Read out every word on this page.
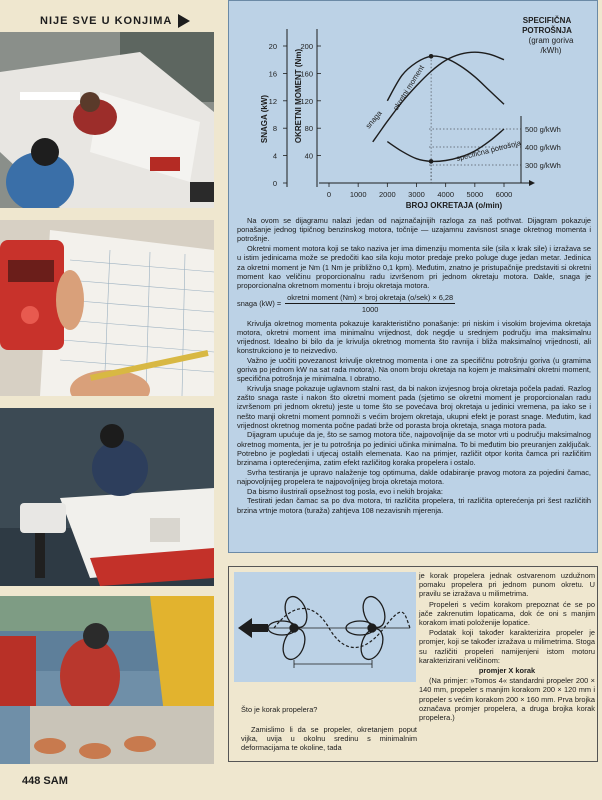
NIJE SVE U KONJIMA
0 1000 2000 3000 4000 5000 6000
BROJ OKRETAJA (o/min)
20
16
12
8
4
0
200
160
120
80
40
SNAGA (kW)	OKRETNI MOMENT (Nm)	500 g/kWh
400 g/kWh
300 g/kWh
SPECIFIČNA POTROŠNJA (gram goriva /kWh)
okretni moment
snaga
specifična potrošnja

Na ovom se dijagramu nalazi jedan od najznačajnijih razloga za naš pothvat. Dijagram pokazuje ponašanje jednog tipičnog benzinskog motora, točnije — uzajamnu zavisnost snage okretnog momenta i potrošnje.

Okretni moment motora koji se tako naziva jer ima dimenziju momenta sile (sila x krak sile) i izražava se u istim jedinicama može se predočiti kao sila koju motor predaje preko poluge duge jedan metar. Jedinica za okretni moment je Nm (1 Nm je približno 0,1 kpm). Međutim, znatno je pristupačnije predstaviti si okretni moment kao veličinu proporcionalnu radu izvršenom pri jednom okretaju motora. Dakle, snaga je proporcionalna okretnom momentu i broju okretaja motora.

snaga $(kW) = \frac{\text{okretni moment (Nm) × broj okretaja (o/sek) × 6,28}}{1000}$

Krivulja okretnog momenta pokazuje karakteristično ponašanje: pri niskim i visokim brojevima okretaja motora, okretni moment ima minimalnu vrijednost, dok negdje u srednjem području ima maksimalnu vrijednost. Idealno bi bilo da je krivulja okretnog momenta što ravnija i bliža maksimalnoj vrijednosti, ali konstrukciono je to neizvedivo.

Važno je uočiti povezanost krivulje okretnog momenta i one za specifičnu potrošnju goriva (u gramima goriva po jednom kW na sat rada motora). Na onom broju okretaja na kojem je maksimalni okretni moment, specifična potrošnja je minimalna. I obratno.

Krivulja snage pokazuje uglavnom stalni rast, da bi nakon izvjesnog broja okretaja počela padati. Razlog zašto snaga raste i nakon što okretni moment pada (sjetimo se okretni moment je proporcionalan radu izvršenom pri jednom okretu) jeste u tome što se povećava broj okretaja u jedinici vremena, pa iako se i nešto manji okretni moment pomnoži s većim brojem okretaja, ukupni efekt je porast snage. Međutim, kad vrijednost okretnog momenta počne padati brže od porasta broja okretaja, snaga motora pada.

Dijagram upućuje da je, što se samog motora tiče, najpovoljnije da se motor vrti u području maksimalnog okretnog momenta, jer je tu potrošnja po jedinici učinka minimalna. To bi međutim bio preuranjen zaključak. Potrebno je pogledati i utjecaj ostalih elemenata. Kao na primjer, različit otpor korita čamca pri različitim brzinama i opterećenjima, zatim efekt različitog koraka propelera i ostalo.

Svrha testiranja je upravo nalaženje tog optimuma, dakle odabiranje pravog motora za pojedini čamac, najpovoljnijeg propelera te najpovoljnijeg broja okretaja motora.

Da bismo ilustrirali opsežnost tog posla, evo i nekih brojaka:

Testirati jedan čamac sa po dva motora, tri različita propelera, tri različita opterećenja pri šest različitih brzina vrtnje motora (turaža) zahtjeva 108 nezavisnih mjerenja.

Što je korak propelera?

Zamislimo li da se propeler, okretanjem poput vijka, uvija u okolnu sredinu s minimalnim deformacijama te okoline, tada

je korak propelera jednak ostvarenom uzdužnom pomaku propelera pri jednom punom okretu. U pravilu se izražava u milimetrima.

Propeleri s većim korakom prepoznat će se po jače zakrenutim lopaticama, dok će oni s manjim korakom imati položenije lopatice.

Podatak koji također karakterizira propeler je promjer, koji se također izražava u milimetrima. Stoga su različiti propeleri namijenjeni istom motoru karakterizirani veličinom:

promjer X korak

(Na primjer: »Tomos 4« standardni propeler 200 × 140 mm, propeler s manjim korakom 200 × 120 mm i propeler s većim korakom 200 × 160 mm. Prva brojka označava promjer propelera, a druga brojka korak propelera.)

448 SAM
